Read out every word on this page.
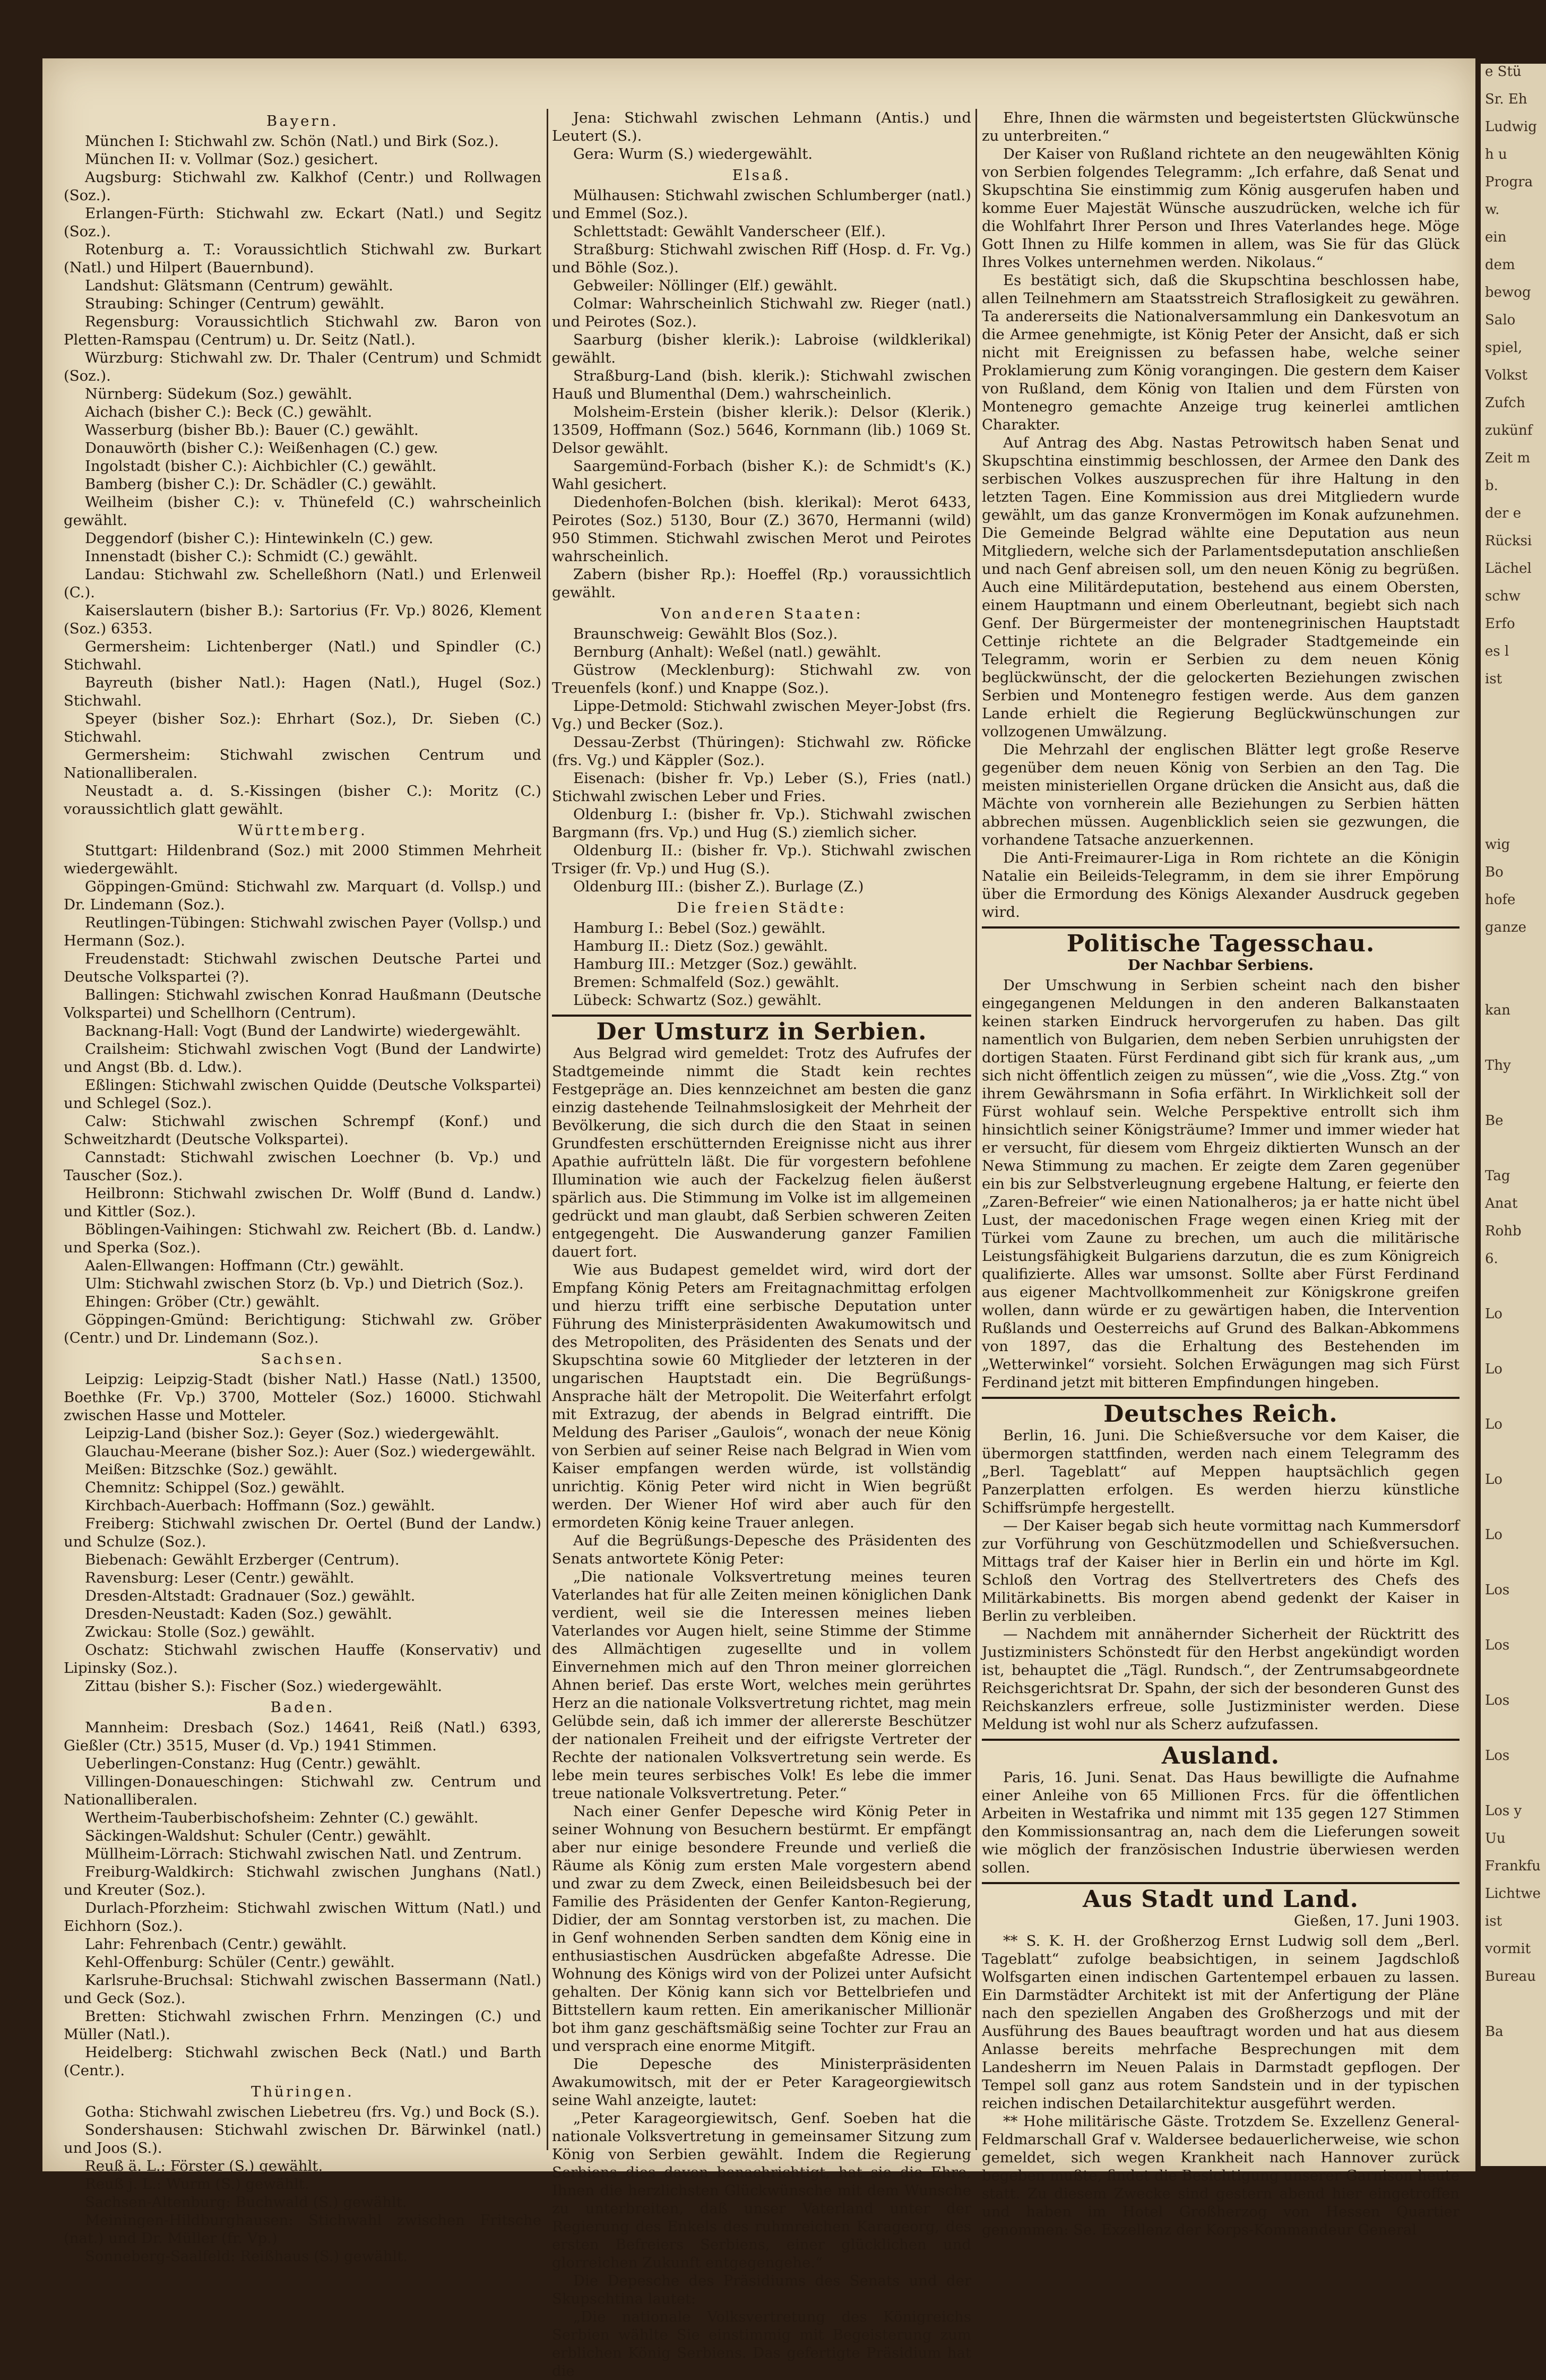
Bayern.

München I: Stichwahl zw. Schön (Natl.) und Birk (Soz.).

München II: v. Vollmar (Soz.) gesichert.

Augsburg: Stichwahl zw. Kalkhof (Centr.) und Rollwagen (Soz.).

Erlangen-Fürth: Stichwahl zw. Eckart (Natl.) und Segitz (Soz.).

Rotenburg a. T.: Voraussichtlich Stichwahl zw. Burkart (Natl.) und Hilpert (Bauernbund).

Landshut: Glätsmann (Centrum) gewählt.

Straubing: Schinger (Centrum) gewählt.

Regensburg: Voraussichtlich Stichwahl zw. Baron von Pletten-Ramspau (Centrum) u. Dr. Seitz (Natl.).

Würzburg: Stichwahl zw. Dr. Thaler (Centrum) und Schmidt (Soz.).

Nürnberg: Südekum (Soz.) gewählt.

Aichach (bisher C.): Beck (C.) gewählt.

Wasserburg (bisher Bb.): Bauer (C.) gewählt.

Donauwörth (bisher C.): Weißenhagen (C.) gew.

Ingolstadt (bisher C.): Aichbichler (C.) gewählt.

Bamberg (bisher C.): Dr. Schädler (C.) gewählt.

Weilheim (bisher C.): v. Thünefeld (C.) wahrscheinlich gewählt.

Deggendorf (bisher C.): Hintewinkeln (C.) gew.

Innenstadt (bisher C.): Schmidt (C.) gewählt.

Landau: Stichwahl zw. Schelleßhorn (Natl.) und Erlenweil (C.).

Kaiserslautern (bisher B.): Sartorius (Fr. Vp.) 8026, Klement (Soz.) 6353.

Germersheim: Lichtenberger (Natl.) und Spindler (C.) Stichwahl.

Bayreuth (bisher Natl.): Hagen (Natl.), Hugel (Soz.) Stichwahl.

Speyer (bisher Soz.): Ehrhart (Soz.), Dr. Sieben (C.) Stichwahl.

Germersheim: Stichwahl zwischen Centrum und Nationalliberalen.

Neustadt a. d. S.-Kissingen (bisher C.): Moritz (C.) voraussichtlich glatt gewählt.

Württemberg.

Stuttgart: Hildenbrand (Soz.) mit 2000 Stimmen Mehrheit wiedergewählt.

Göppingen-Gmünd: Stichwahl zw. Marquart (d. Vollsp.) und Dr. Lindemann (Soz.).

Reutlingen-Tübingen: Stichwahl zwischen Payer (Vollsp.) und Hermann (Soz.).

Freudenstadt: Stichwahl zwischen Deutsche Partei und Deutsche Volkspartei (?).

Ballingen: Stichwahl zwischen Konrad Haußmann (Deutsche Volkspartei) und Schellhorn (Centrum).

Backnang-Hall: Vogt (Bund der Landwirte) wiedergewählt.

Crailsheim: Stichwahl zwischen Vogt (Bund der Landwirte) und Angst (Bb. d. Ldw.).

Eßlingen: Stichwahl zwischen Quidde (Deutsche Volkspartei) und Schlegel (Soz.).

Calw: Stichwahl zwischen Schrempf (Konf.) und Schweitzhardt (Deutsche Volkspartei).

Cannstadt: Stichwahl zwischen Loechner (b. Vp.) und Tauscher (Soz.).

Heilbronn: Stichwahl zwischen Dr. Wolff (Bund d. Landw.) und Kittler (Soz.).

Böblingen-Vaihingen: Stichwahl zw. Reichert (Bb. d. Landw.) und Sperka (Soz.).

Aalen-Ellwangen: Hoffmann (Ctr.) gewählt.

Ulm: Stichwahl zwischen Storz (b. Vp.) und Dietrich (Soz.).

Ehingen: Gröber (Ctr.) gewählt.

Göppingen-Gmünd: Berichtigung: Stichwahl zw. Gröber (Centr.) und Dr. Lindemann (Soz.).

Sachsen.

Leipzig: Leipzig-Stadt (bisher Natl.) Hasse (Natl.) 13500, Boethke (Fr. Vp.) 3700, Motteler (Soz.) 16000. Stichwahl zwischen Hasse und Motteler.

Leipzig-Land (bisher Soz.): Geyer (Soz.) wiedergewählt.

Glauchau-Meerane (bisher Soz.): Auer (Soz.) wiedergewählt.

Meißen: Bitzschke (Soz.) gewählt.

Chemnitz: Schippel (Soz.) gewählt.

Kirchbach-Auerbach: Hoffmann (Soz.) gewählt.

Freiberg: Stichwahl zwischen Dr. Oertel (Bund der Landw.) und Schulze (Soz.).

Biebenach: Gewählt Erzberger (Centrum).

Ravensburg: Leser (Centr.) gewählt.

Dresden-Altstadt: Gradnauer (Soz.) gewählt.

Dresden-Neustadt: Kaden (Soz.) gewählt.

Zwickau: Stolle (Soz.) gewählt.

Oschatz: Stichwahl zwischen Hauffe (Konservativ) und Lipinsky (Soz.).

Zittau (bisher S.): Fischer (Soz.) wiedergewählt.

Baden.

Mannheim: Dresbach (Soz.) 14641, Reiß (Natl.) 6393, Gießler (Ctr.) 3515, Muser (d. Vp.) 1941 Stimmen.

Ueberlingen-Constanz: Hug (Centr.) gewählt.

Villingen-Donaueschingen: Stichwahl zw. Centrum und Nationalliberalen.

Wertheim-Tauberbischofsheim: Zehnter (C.) gewählt.

Säckingen-Waldshut: Schuler (Centr.) gewählt.

Müllheim-Lörrach: Stichwahl zwischen Natl. und Zentrum.

Freiburg-Waldkirch: Stichwahl zwischen Junghans (Natl.) und Kreuter (Soz.).

Durlach-Pforzheim: Stichwahl zwischen Wittum (Natl.) und Eichhorn (Soz.).

Lahr: Fehrenbach (Centr.) gewählt.

Kehl-Offenburg: Schüler (Centr.) gewählt.

Karlsruhe-Bruchsal: Stichwahl zwischen Bassermann (Natl.) und Geck (Soz.).

Bretten: Stichwahl zwischen Frhrn. Menzingen (C.) und Müller (Natl.).

Heidelberg: Stichwahl zwischen Beck (Natl.) und Barth (Centr.).

Thüringen.

Gotha: Stichwahl zwischen Liebetreu (frs. Vg.) und Bock (S.).

Sondershausen: Stichwahl zwischen Dr. Bärwinkel (natl.) und Joos (S.).

Reuß ä. L.: Förster (S.) gewählt.

Reuß j. L.: Wurm (S.) gewählt.

Sachsen-Altenburg: Buchwald (S.) gewählt.

Meiningen-Hildburghausen: Stichwahl zwischen Fritsche (nat.) und Dr. Müller (fr. Vp.)

Sonneberg-Saalfeld: Reißhaus (S.) gewählt.

Jena: Stichwahl zwischen Lehmann (Antis.) und Leutert (S.).

Gera: Wurm (S.) wiedergewählt.

Elsaß.

Mülhausen: Stichwahl zwischen Schlumberger (natl.) und Emmel (Soz.).

Schlettstadt: Gewählt Vanderscheer (Elf.).

Straßburg: Stichwahl zwischen Riff (Hosp. d. Fr. Vg.) und Böhle (Soz.).

Gebweiler: Nöllinger (Elf.) gewählt.

Colmar: Wahrscheinlich Stichwahl zw. Rieger (natl.) und Peirotes (Soz.).

Saarburg (bisher klerik.): Labroise (wildklerikal) gewählt.

Straßburg-Land (bish. klerik.): Stichwahl zwischen Hauß und Blumenthal (Dem.) wahrscheinlich.

Molsheim-Erstein (bisher klerik.): Delsor (Klerik.) 13509, Hoffmann (Soz.) 5646, Kornmann (lib.) 1069 St. Delsor gewählt.

Saargemünd-Forbach (bisher K.): de Schmidt's (K.) Wahl gesichert.

Diedenhofen-Bolchen (bish. klerikal): Merot 6433, Peirotes (Soz.) 5130, Bour (Z.) 3670, Hermanni (wild) 950 Stimmen. Stichwahl zwischen Merot und Peirotes wahrscheinlich.

Zabern (bisher Rp.): Hoeffel (Rp.) voraussichtlich gewählt.

Von anderen Staaten:

Braunschweig: Gewählt Blos (Soz.).

Bernburg (Anhalt): Weßel (natl.) gewählt.

Güstrow (Mecklenburg): Stichwahl zw. von Treuenfels (konf.) und Knappe (Soz.).

Lippe-Detmold: Stichwahl zwischen Meyer-Jobst (frs. Vg.) und Becker (Soz.).

Dessau-Zerbst (Thüringen): Stichwahl zw. Röficke (frs. Vg.) und Käppler (Soz.).

Eisenach: (bisher fr. Vp.) Leber (S.), Fries (natl.) Stichwahl zwischen Leber und Fries.

Oldenburg I.: (bisher fr. Vp.). Stichwahl zwischen Bargmann (frs. Vp.) und Hug (S.) ziemlich sicher.

Oldenburg II.: (bisher fr. Vp.). Stichwahl zwischen Trsiger (fr. Vp.) und Hug (S.).

Oldenburg III.: (bisher Z.). Burlage (Z.)

Die freien Städte:

Hamburg I.: Bebel (Soz.) gewählt.

Hamburg II.: Dietz (Soz.) gewählt.

Hamburg III.: Metzger (Soz.) gewählt.

Bremen: Schmalfeld (Soz.) gewählt.

Lübeck: Schwartz (Soz.) gewählt.

Der Umsturz in Serbien.

Aus Belgrad wird gemeldet: Trotz des Aufrufes der Stadtgemeinde nimmt die Stadt kein rechtes Festgepräge an. Dies kennzeichnet am besten die ganz einzig dastehende Teilnahmslosigkeit der Mehrheit der Bevölkerung, die sich durch die den Staat in seinen Grundfesten erschütternden Ereignisse nicht aus ihrer Apathie aufrütteln läßt. Die für vorgestern befohlene Illumination wie auch der Fackelzug fielen äußerst spärlich aus. Die Stimmung im Volke ist im allgemeinen gedrückt und man glaubt, daß Serbien schweren Zeiten entgegengeht. Die Auswanderung ganzer Familien dauert fort.

Wie aus Budapest gemeldet wird, wird dort der Empfang König Peters am Freitagnachmittag erfolgen und hierzu trifft eine serbische Deputation unter Führung des Ministerpräsidenten Awakumowitsch und des Metropoliten, des Präsidenten des Senats und der Skupschtina sowie 60 Mitglieder der letzteren in der ungarischen Hauptstadt ein. Die Begrüßungs-Ansprache hält der Metropolit. Die Weiterfahrt erfolgt mit Extrazug, der abends in Belgrad eintrifft. Die Meldung des Pariser „Gaulois“, wonach der neue König von Serbien auf seiner Reise nach Belgrad in Wien vom Kaiser empfangen werden würde, ist vollständig unrichtig. König Peter wird nicht in Wien begrüßt werden. Der Wiener Hof wird aber auch für den ermordeten König keine Trauer anlegen.

Auf die Begrüßungs-Depesche des Präsidenten des Senats antwortete König Peter:

„Die nationale Volksvertretung meines teuren Vaterlandes hat für alle Zeiten meinen königlichen Dank verdient, weil sie die Interessen meines lieben Vaterlandes vor Augen hielt, seine Stimme der Stimme des Allmächtigen zugesellte und in vollem Einvernehmen mich auf den Thron meiner glorreichen Ahnen berief. Das erste Wort, welches mein gerührtes Herz an die nationale Volksvertretung richtet, mag mein Gelübde sein, daß ich immer der allererste Beschützer der nationalen Freiheit und der eifrigste Vertreter der Rechte der nationalen Volksvertretung sein werde. Es lebe mein teures serbisches Volk! Es lebe die immer treue nationale Volksvertretung. Peter.“

Nach einer Genfer Depesche wird König Peter in seiner Wohnung von Besuchern bestürmt. Er empfängt aber nur einige besondere Freunde und verließ die Räume als König zum ersten Male vorgestern abend und zwar zu dem Zweck, einen Beileidsbesuch bei der Familie des Präsidenten der Genfer Kanton-Regierung, Didier, der am Sonntag verstorben ist, zu machen. Die in Genf wohnenden Serben sandten dem König eine in enthusiastischen Ausdrücken abgefaßte Adresse. Die Wohnung des Königs wird von der Polizei unter Aufsicht gehalten. Der König kann sich vor Bettelbriefen und Bittstellern kaum retten. Ein amerikanischer Millionär bot ihm ganz geschäftsmäßig seine Tochter zur Frau an und versprach eine enorme Mitgift.

Die Depesche des Ministerpräsidenten Awakumowitsch, mit der er Peter Karageorgiewitsch seine Wahl anzeigte, lautet:

„Peter Karageorgiewitsch, Genf. Soeben hat die nationale Volksvertretung in gemeinsamer Sitzung zum König von Serbien gewählt. Indem die Regierung Serbiens dies davon benachrichtigt, hat sie die Ehre, Ihnen die herzlichsten Glückwünsche mit dem Wunsche zu unterbreiten, daß unser Vaterland unter der Regierung des Enkels des ruhmreichen Karageorg, des ersten Befreiers Serbiens, einer glücklichen und glorreichen Zukunft entgegengehe.“

Die Depesche des Präsidiums des Senats und der Skupschtina lautet:

„Die nationale Volksvertretung des Königreichs Serbien wählte Sie einstimmig mit Begeisterung zum erblichen König Serbiens. Das gefertigte Präsidium hat die

Ehre, Ihnen die wärmsten und begeistertsten Glückwünsche zu unterbreiten.“

Der Kaiser von Rußland richtete an den neugewählten König von Serbien folgendes Telegramm: „Ich erfahre, daß Senat und Skupschtina Sie einstimmig zum König ausgerufen haben und komme Euer Majestät Wünsche auszudrücken, welche ich für die Wohlfahrt Ihrer Person und Ihres Vaterlandes hege. Möge Gott Ihnen zu Hilfe kommen in allem, was Sie für das Glück Ihres Volkes unternehmen werden. Nikolaus.“

Es bestätigt sich, daß die Skupschtina beschlossen habe, allen Teilnehmern am Staatsstreich Straflosigkeit zu gewähren. Ta andererseits die Nationalversammlung ein Dankesvotum an die Armee genehmigte, ist König Peter der Ansicht, daß er sich nicht mit Ereignissen zu befassen habe, welche seiner Proklamierung zum König vorangingen. Die gestern dem Kaiser von Rußland, dem König von Italien und dem Fürsten von Montenegro gemachte Anzeige trug keinerlei amtlichen Charakter.

Auf Antrag des Abg. Nastas Petrowitsch haben Senat und Skupschtina einstimmig beschlossen, der Armee den Dank des serbischen Volkes auszusprechen für ihre Haltung in den letzten Tagen. Eine Kommission aus drei Mitgliedern wurde gewählt, um das ganze Kronvermögen im Konak aufzunehmen. Die Gemeinde Belgrad wählte eine Deputation aus neun Mitgliedern, welche sich der Parlamentsdeputation anschließen und nach Genf abreisen soll, um den neuen König zu begrüßen. Auch eine Militärdeputation, bestehend aus einem Obersten, einem Hauptmann und einem Oberleutnant, begiebt sich nach Genf. Der Bürgermeister der montenegrinischen Hauptstadt Cettinje richtete an die Belgrader Stadtgemeinde ein Telegramm, worin er Serbien zu dem neuen König beglückwünscht, der die gelockerten Beziehungen zwischen Serbien und Montenegro festigen werde. Aus dem ganzen Lande erhielt die Regierung Beglückwünschungen zur vollzogenen Umwälzung.

Die Mehrzahl der englischen Blätter legt große Reserve gegenüber dem neuen König von Serbien an den Tag. Die meisten ministeriellen Organe drücken die Ansicht aus, daß die Mächte von vornherein alle Beziehungen zu Serbien hätten abbrechen müssen. Augenblicklich seien sie gezwungen, die vorhandene Tatsache anzuerkennen.

Die Anti-Freimaurer-Liga in Rom richtete an die Königin Natalie ein Beileids-Telegramm, in dem sie ihrer Empörung über die Ermordung des Königs Alexander Ausdruck gegeben wird.

Politische Tagesschau.
Der Nachbar Serbiens.

Der Umschwung in Serbien scheint nach den bisher eingegangenen Meldungen in den anderen Balkanstaaten keinen starken Eindruck hervorgerufen zu haben. Das gilt namentlich von Bulgarien, dem neben Serbien unruhigsten der dortigen Staaten. Fürst Ferdinand gibt sich für krank aus, „um sich nicht öffentlich zeigen zu müssen“, wie die „Voss. Ztg.“ von ihrem Gewährsmann in Sofia erfährt. In Wirklichkeit soll der Fürst wohlauf sein. Welche Perspektive entrollt sich ihm hinsichtlich seiner Königsträume? Immer und immer wieder hat er versucht, für diesem vom Ehrgeiz diktierten Wunsch an der Newa Stimmung zu machen. Er zeigte dem Zaren gegenüber ein bis zur Selbstverleugnung ergebene Haltung, er feierte den „Zaren-Befreier“ wie einen Nationalheros; ja er hatte nicht übel Lust, der macedonischen Frage wegen einen Krieg mit der Türkei vom Zaune zu brechen, um auch die militärische Leistungsfähigkeit Bulgariens darzutun, die es zum Königreich qualifizierte. Alles war umsonst. Sollte aber Fürst Ferdinand aus eigener Machtvollkommenheit zur Königskrone greifen wollen, dann würde er zu gewärtigen haben, die Intervention Rußlands und Oesterreichs auf Grund des Balkan-Abkommens von 1897, das die Erhaltung des Bestehenden im „Wetterwinkel“ vorsieht. Solchen Erwägungen mag sich Fürst Ferdinand jetzt mit bitteren Empfindungen hingeben.

Deutsches Reich.

Berlin, 16. Juni. Die Schießversuche vor dem Kaiser, die übermorgen stattfinden, werden nach einem Telegramm des „Berl. Tageblatt“ auf Meppen hauptsächlich gegen Panzerplatten erfolgen. Es werden hierzu künstliche Schiffsrümpfe hergestellt.

— Der Kaiser begab sich heute vormittag nach Kummersdorf zur Vorführung von Geschützmodellen und Schießversuchen. Mittags traf der Kaiser hier in Berlin ein und hörte im Kgl. Schloß den Vortrag des Stellvertreters des Chefs des Militärkabinetts. Bis morgen abend gedenkt der Kaiser in Berlin zu verbleiben.

— Nachdem mit annähernder Sicherheit der Rücktritt des Justizministers Schönstedt für den Herbst angekündigt worden ist, behauptet die „Tägl. Rundsch.“, der Zentrumsabgeordnete Reichsgerichtsrat Dr. Spahn, der sich der besonderen Gunst des Reichskanzlers erfreue, solle Justizminister werden. Diese Meldung ist wohl nur als Scherz aufzufassen.

Ausland.

Paris, 16. Juni. Senat. Das Haus bewilligte die Aufnahme einer Anleihe von 65 Millionen Frcs. für die öffentlichen Arbeiten in Westafrika und nimmt mit 135 gegen 127 Stimmen den Kommissionsantrag an, nach dem die Lieferungen soweit wie möglich der französischen Industrie überwiesen werden sollen.

Aus Stadt und Land.
Gießen, 17. Juni 1903.

** S. K. H. der Großherzog Ernst Ludwig soll dem „Berl. Tageblatt“ zufolge beabsichtigen, in seinem Jagdschloß Wolfsgarten einen indischen Gartentempel erbauen zu lassen. Ein Darmstädter Architekt ist mit der Anfertigung der Pläne nach den speziellen Angaben des Großherzogs und mit der Ausführung des Baues beauftragt worden und hat aus diesem Anlasse bereits mehrfache Besprechungen mit dem Landesherrn im Neuen Palais in Darmstadt gepflogen. Der Tempel soll ganz aus rotem Sandstein und in der typischen reichen indischen Detailarchitektur ausgeführt werden.

** Hohe militärische Gäste. Trotzdem Se. Exzellenz General-Feldmarschall Graf v. Waldersee bedauerlicherweise, wie schon gemeldet, sich wegen Krankheit nach Hannover zurück begeben mußte, findet die Besichtigung unserer Garnison heute statt. Zu diesem Zwecke sind gestern abend hier eingetroffen und haben im Hotel Großherzog von Hessen Quartier genommen: Se. Exzellenz der Korps-Kommandeur General

e Stü
Sr. Eh
Ludwig
h u
Progra
w.
ein
dem
bewog
Salo
spiel,
Volkst
Zufch
zukünf
Zeit m
b.
der e
Rücksi
Lächel
schw
Erfo
es l
ist
wig
Bo
hofe
ganze
kan
Thy
Be
Tag
Anat
Rohb
6.
Lo
Lo
Lo
Lo
Lo
Los
Los
Los
Los
Los y
Uu
Frankfu
Lichtwe
ist
vormit
Bureau
Ba
